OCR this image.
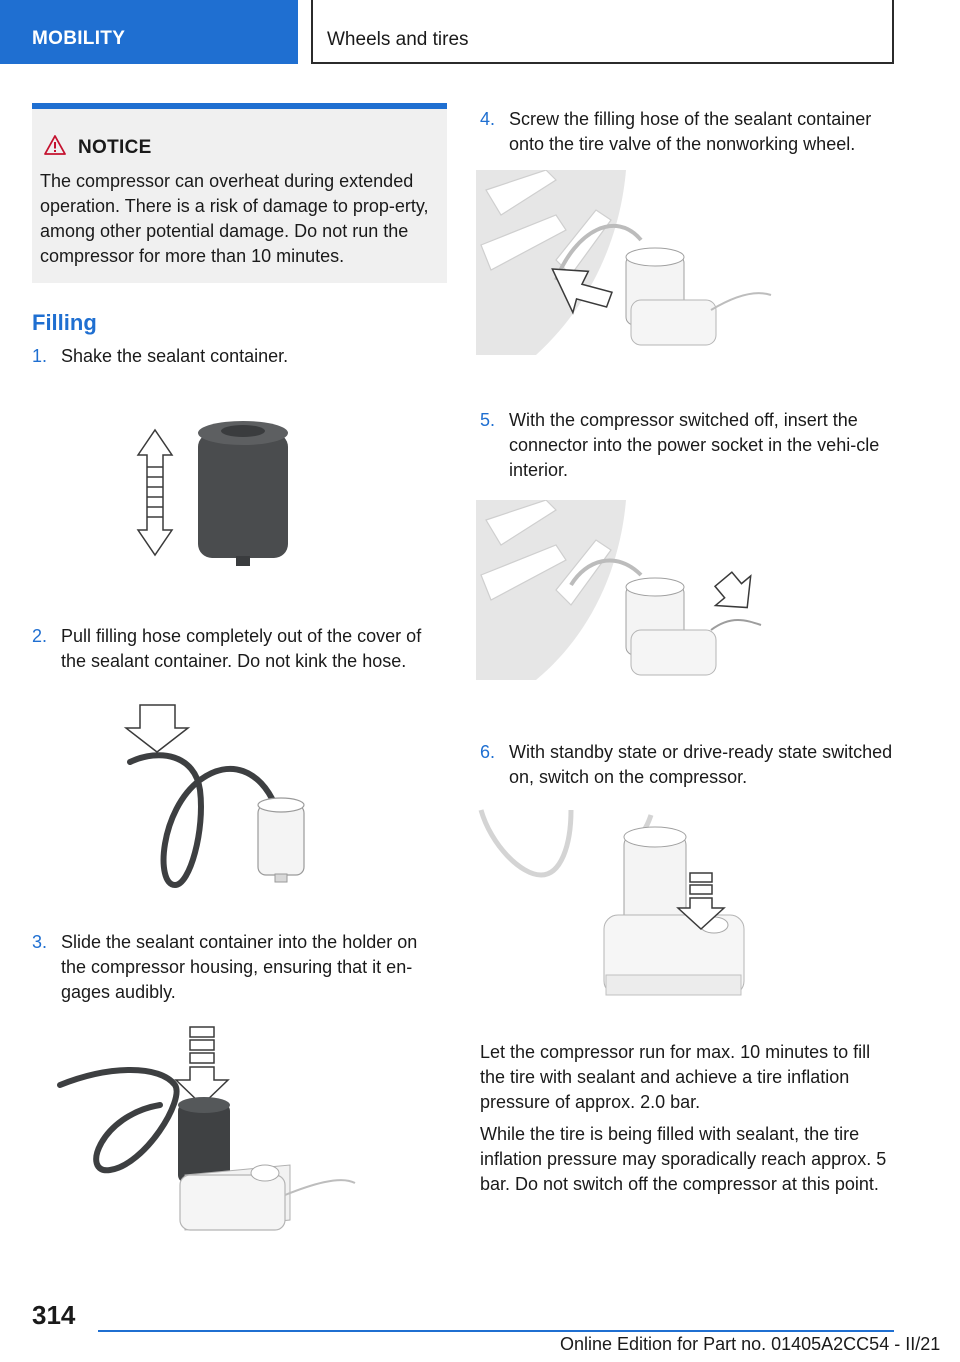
MOBILITY	Wheels and tires
NOTICE
The compressor can overheat during extended operation. There is a risk of damage to prop-erty, among other potential damage. Do not run the compressor for more than 10 minutes.
Filling
1. Shake the sealant container.
2. Pull filling hose completely out of the cover of the sealant container. Do not kink the hose.
3. Slide the sealant container into the holder on the compressor housing, ensuring that it en-gages audibly.
4. Screw the filling hose of the sealant container onto the tire valve of the nonworking wheel.
5. With the compressor switched off, insert the connector into the power socket in the vehi-cle interior.
6. With standby state or drive-ready state switched on, switch on the compressor.
Let the compressor run for max. 10 minutes to fill the tire with sealant and achieve a tire inflation pressure of approx. 2.0 bar.
While the tire is being filled with sealant, the tire inflation pressure may sporadically reach approx. 5 bar. Do not switch off the compressor at this point.
314
Online Edition for Part no. 01405A2CC54 - II/21
